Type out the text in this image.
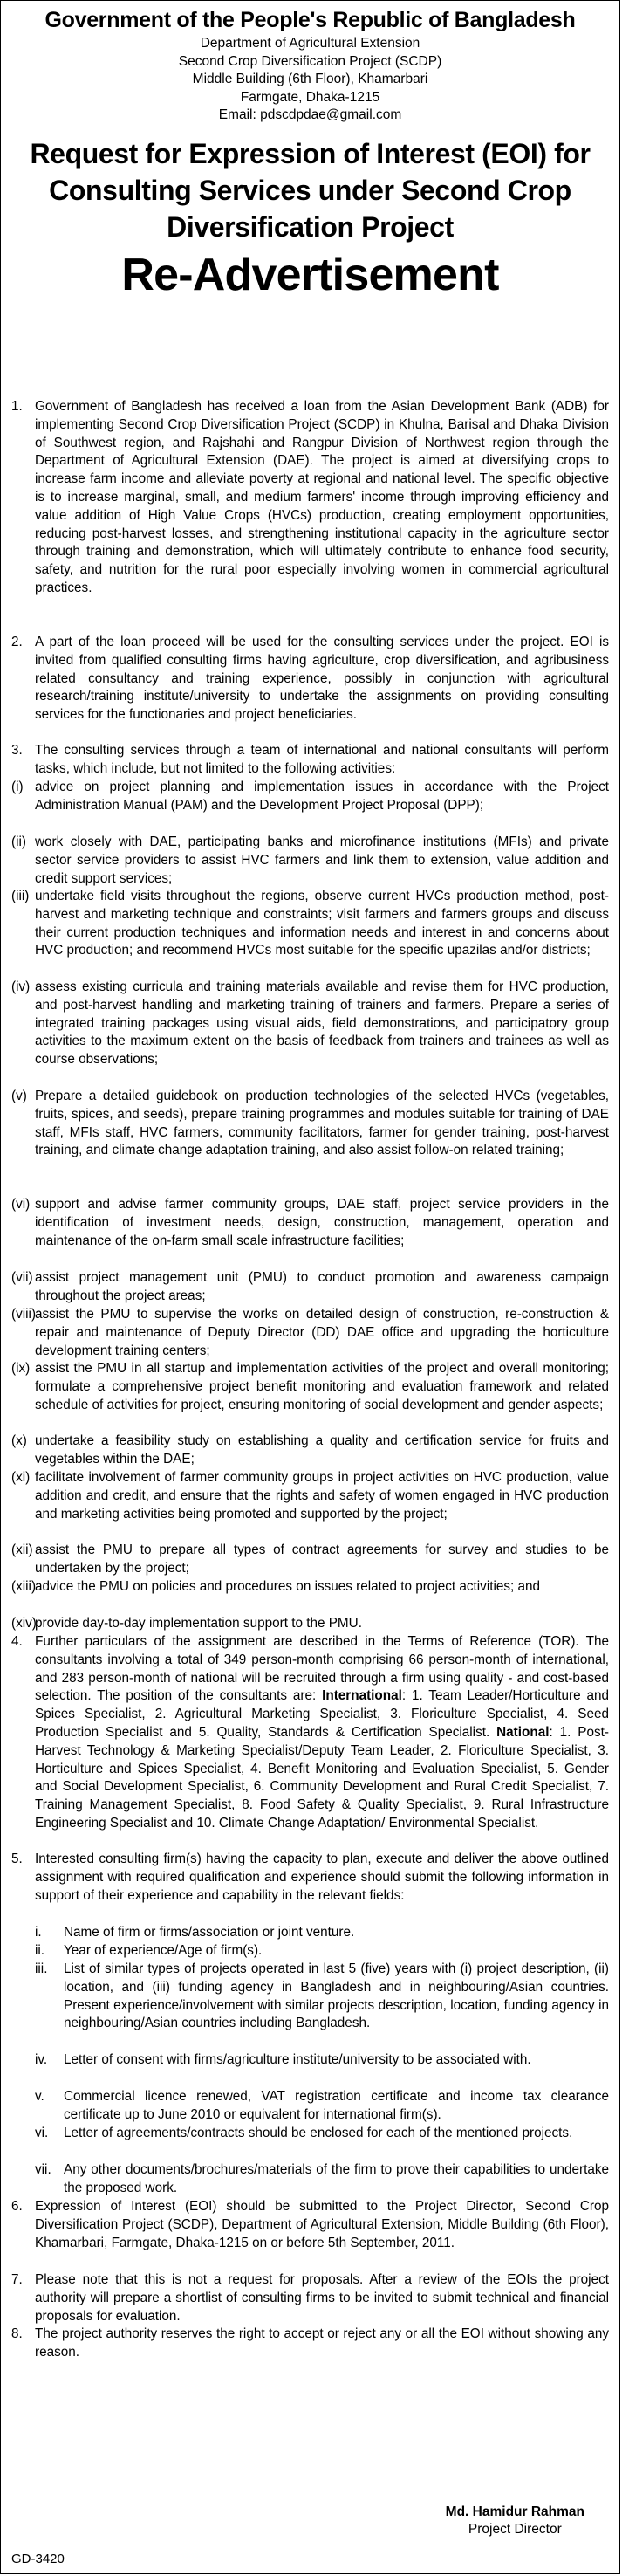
Government of the People's Republic of Bangladesh
Department of Agricultural Extension
Second Crop Diversification Project (SCDP)
Middle Building (6th Floor), Khamarbari
Farmgate, Dhaka-1215
Email: pdscdpdae@gmail.com
Request for Expression of Interest (EOI) for Consulting Services under Second Crop Diversification Project
Re-Advertisement
1. Government of Bangladesh has received a loan from the Asian Development Bank (ADB) for implementing Second Crop Diversification Project (SCDP) in Khulna, Barisal and Dhaka Division of Southwest region, and Rajshahi and Rangpur Division of Northwest region through the Department of Agricultural Extension (DAE). The project is aimed at diversifying crops to increase farm income and alleviate poverty at regional and national level. The specific objective is to increase marginal, small, and medium farmers' income through improving efficiency and value addition of High Value Crops (HVCs) production, creating employment opportunities, reducing post-harvest losses, and strengthening institutional capacity in the agriculture sector through training and demonstration, which will ultimately contribute to enhance food security, safety, and nutrition for the rural poor especially involving women in commercial agricultural practices.
2. A part of the loan proceed will be used for the consulting services under the project. EOI is invited from qualified consulting firms having agriculture, crop diversification, and agribusiness related consultancy and training experience, possibly in conjunction with agricultural research/training institute/university to undertake the assignments on providing consulting services for the functionaries and project beneficiaries.
3. The consulting services through a team of international and national consultants will perform tasks, which include, but not limited to the following activities:
(i) advice on project planning and implementation issues in accordance with the Project Administration Manual (PAM) and the Development Project Proposal (DPP);
(ii) work closely with DAE, participating banks and microfinance institutions (MFIs) and private sector service providers to assist HVC farmers and link them to extension, value addition and credit support services;
(iii) undertake field visits throughout the regions, observe current HVCs production method, post-harvest and marketing technique and constraints; visit farmers and farmers groups and discuss their current production techniques and information needs and interest in and concerns about HVC production; and recommend HVCs most suitable for the specific upazilas and/or districts;
(iv) assess existing curricula and training materials available and revise them for HVC production, and post-harvest handling and marketing training of trainers and farmers. Prepare a series of integrated training packages using visual aids, field demonstrations, and participatory group activities to the maximum extent on the basis of feedback from trainers and trainees as well as course observations;
(v) Prepare a detailed guidebook on production technologies of the selected HVCs (vegetables, fruits, spices, and seeds), prepare training programmes and modules suitable for training of DAE staff, MFIs staff, HVC farmers, community facilitators, farmer for gender training, post-harvest training, and climate change adaptation training, and also assist follow-on related training;
(vi) support and advise farmer community groups, DAE staff, project service providers in the identification of investment needs, design, construction, management, operation and maintenance of the on-farm small scale infrastructure facilities;
(vii) assist project management unit (PMU) to conduct promotion and awareness campaign throughout the project areas;
(viii)
assist the PMU to supervise the works on detailed design of construction, re-construction & repair and maintenance of Deputy Director (DD) DAE office and upgrading the horticulture development training centers;
(ix) assist the PMU in all startup and implementation activities of the project and overall monitoring; formulate a comprehensive project benefit monitoring and evaluation framework and related schedule of activities for project, ensuring monitoring of social development and gender aspects;
(x) undertake a feasibility study on establishing a quality and certification service for fruits and vegetables within the DAE;
(xi) facilitate involvement of farmer community groups in project activities on HVC production, value addition and credit, and ensure that the rights and safety of women engaged in HVC production and marketing activities being promoted and supported by the project;
(xii) assist the PMU to prepare all types of contract agreements for survey and studies to be undertaken by the project;
(xiii)
advice the PMU on policies and procedures on issues related to project activities; and
(xiv)
provide day-to-day implementation support to the PMU.
4. Further particulars of the assignment are described in the Terms of Reference (TOR). The consultants involving a total of 349 person-month comprising 66 person-month of international, and 283 person-month of national will be recruited through a firm using quality - and cost-based selection. The position of the consultants are: International: 1. Team Leader/Horticulture and Spices Specialist, 2. Agricultural Marketing Specialist, 3. Floriculture Specialist, 4. Seed Production Specialist and 5. Quality, Standards & Certification Specialist. National: 1. Post-Harvest Technology & Marketing Specialist/Deputy Team Leader, 2. Floriculture Specialist, 3. Horticulture and Spices Specialist, 4. Benefit Monitoring and Evaluation Specialist, 5. Gender and Social Development Specialist, 6. Community Development and Rural Credit Specialist, 7. Training Management Specialist, 8. Food Safety & Quality Specialist, 9. Rural Infrastructure Engineering Specialist and 10. Climate Change Adaptation/ Environmental Specialist.
5. Interested consulting firm(s) having the capacity to plan, execute and deliver the above outlined assignment with required qualification and experience should submit the following information in support of their experience and capability in the relevant fields:
i. Name of firm or firms/association or joint venture.
ii. Year of experience/Age of firm(s).
iii. List of similar types of projects operated in last 5 (five) years with (i) project description, (ii) location, and (iii) funding agency in Bangladesh and in neighbouring/Asian countries. Present experience/involvement with similar projects description, location, funding agency in neighbouring/Asian countries including Bangladesh.
iv. Letter of consent with firms/agriculture institute/university to be associated with.
v. Commercial licence renewed, VAT registration certificate and income tax clearance certificate up to June 2010 or equivalent for international firm(s).
vi. Letter of agreements/contracts should be enclosed for each of the mentioned projects.
vii. Any other documents/brochures/materials of the firm to prove their capabilities to undertake the proposed work.
6. Expression of Interest (EOI) should be submitted to the Project Director, Second Crop Diversification Project (SCDP), Department of Agricultural Extension, Middle Building (6th Floor), Khamarbari, Farmgate, Dhaka-1215 on or before 5th September, 2011.
7. Please note that this is not a request for proposals. After a review of the EOIs the project authority will prepare a shortlist of consulting firms to be invited to submit technical and financial proposals for evaluation.
8. The project authority reserves the right to accept or reject any or all the EOI without showing any reason.
Md. Hamidur Rahman
Project Director
GD-3420
